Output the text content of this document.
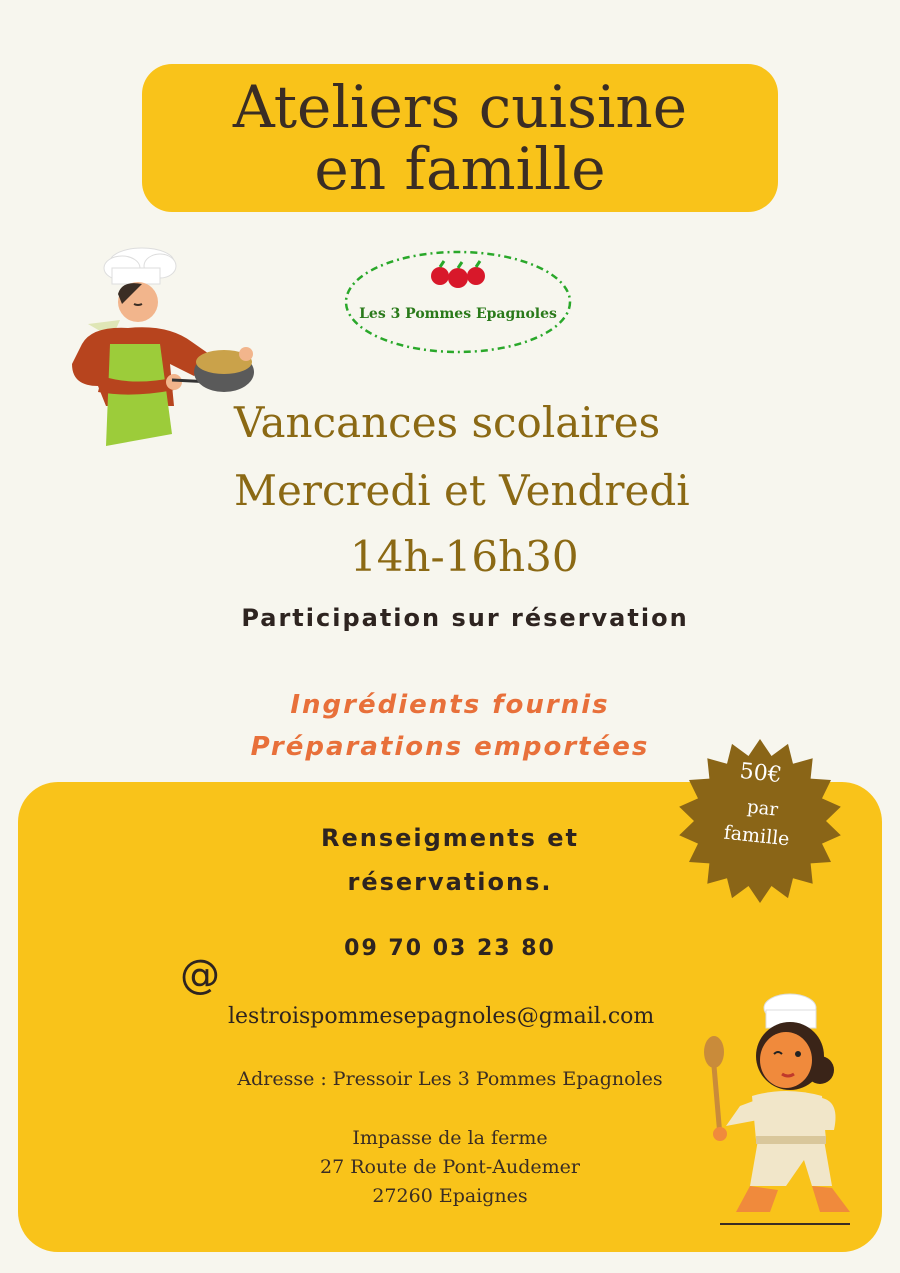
Ateliers cuisine
en famille
Les 3 Pommes Epagnoles
Vancances scolaires
Mercredi et Vendredi
14h-16h30
Participation sur réservation
Ingrédients fournis
Préparations emportées
50€
par
famille
Renseigments et
réservations.
09 70 03 23 80
@
lestroispommesepagnoles@gmail.com
Adresse : Pressoir Les 3 Pommes Epagnoles
Impasse de la ferme
27 Route de Pont-Audemer
27260 Epaignes
